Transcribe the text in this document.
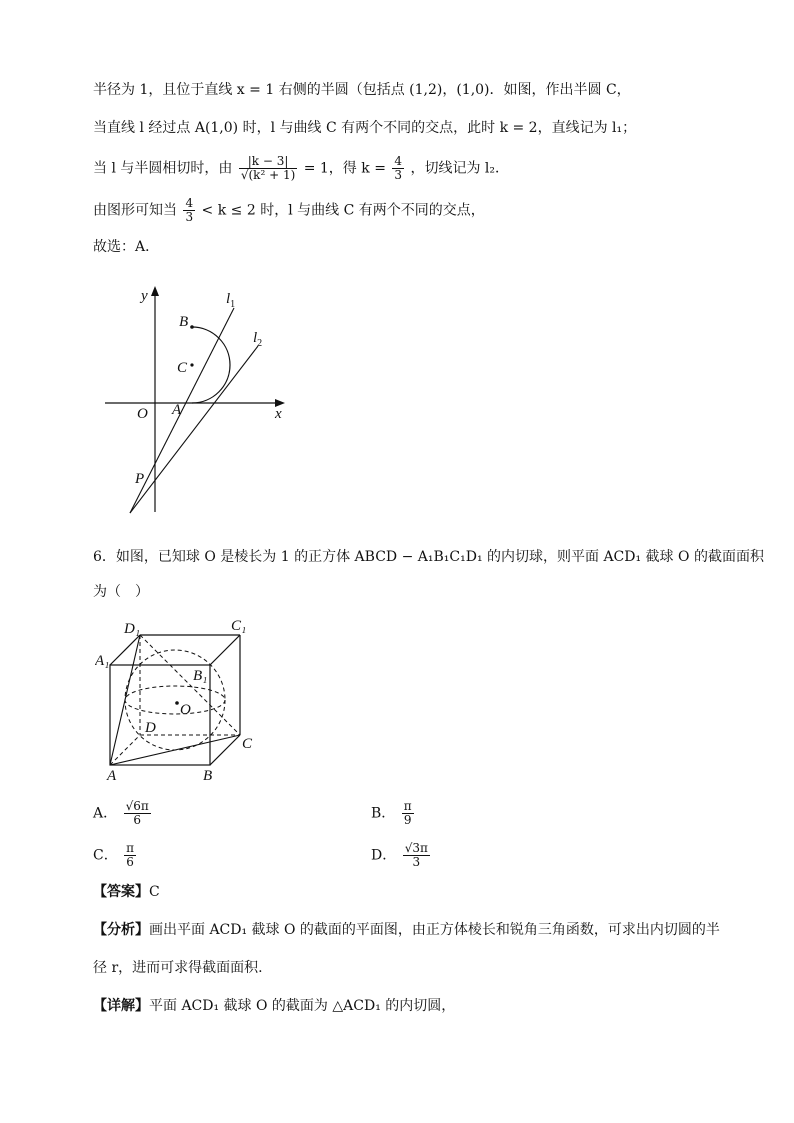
半径为 1，且位于直线 x = 1 右侧的半圆（包括点 (1,2)，(1,0)．如图，作出半圆 C，
当直线 l 经过点 A(1,0) 时，l 与曲线 C 有两个不同的交点，此时 k = 2，直线记为 l₁；
当 l 与半圆相切时，由 $\frac{|k - 3|}{\text{√(k² + 1)}} = 1$，得 $k = \frac{4}{3}$ ，切线记为 l₂．
由图形可知当 $\frac{4}{3} < k \le 2$ 时，l 与曲线 C 有两个不同的交点，
故选：A．
y
x
O A
B
C
P
$l_1$
$l_2$
6．如图，已知球 O 是棱长为 1 的正方体 ABCD − A₁B₁C₁D₁ 的内切球，则平面 ACD₁ 截球 O 的截面面积
为（　）
D₁	C₁
A₁
B₁
O
D
C
A	B
A． $\frac{√6\pi}{6}$	B． $\frac{\pi}{9}$
C． $\frac{\pi}{6}$	D． $\frac{√3\pi}{3}$
【答案】C
【分析】画出平面 ACD₁ 截球 O 的截面的平面图，由正方体棱长和锐角三角函数，可求出内切圆的半
径 r，进而可求得截面面积.
【详解】平面 ACD₁ 截球 O 的截面为 △ACD₁ 的内切圆，
